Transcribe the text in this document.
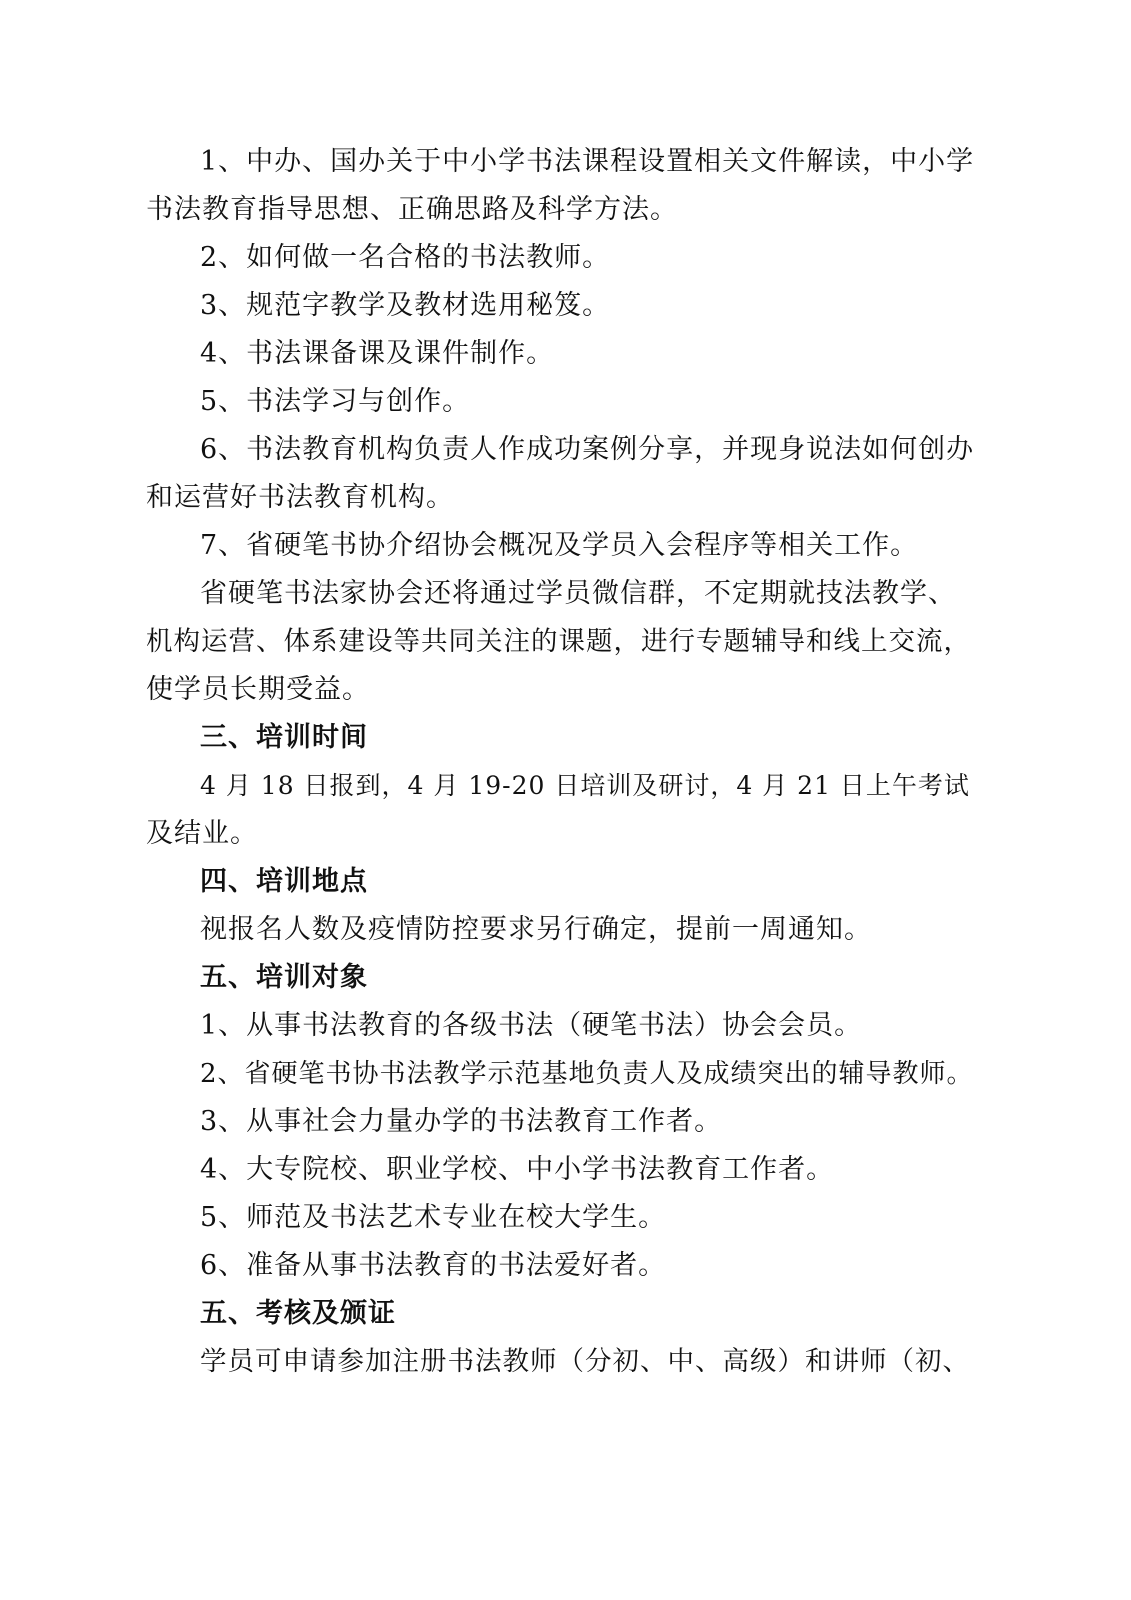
1、中办、国办关于中小学书法课程设置相关文件解读，中小学
书法教育指导思想、正确思路及科学方法。
2、如何做一名合格的书法教师。
3、规范字教学及教材选用秘笈。
4、书法课备课及课件制作。
5、书法学习与创作。
6、书法教育机构负责人作成功案例分享，并现身说法如何创办
和运营好书法教育机构。
7、省硬笔书协介绍协会概况及学员入会程序等相关工作。
省硬笔书法家协会还将通过学员微信群，不定期就技法教学、
机构运营、体系建设等共同关注的课题，进行专题辅导和线上交流，
使学员长期受益。
三、培训时间
4 月 18 日报到，4 月 19-20 日培训及研讨，4 月 21 日上午考试
及结业。
四、培训地点
视报名人数及疫情防控要求另行确定，提前一周通知。
五、培训对象
1、从事书法教育的各级书法（硬笔书法）协会会员。
2、省硬笔书协书法教学示范基地负责人及成绩突出的辅导教师。
3、从事社会力量办学的书法教育工作者。
4、大专院校、职业学校、中小学书法教育工作者。
5、师范及书法艺术专业在校大学生。
6、准备从事书法教育的书法爱好者。
五、考核及颁证
学员可申请参加注册书法教师（分初、中、高级）和讲师（初、
